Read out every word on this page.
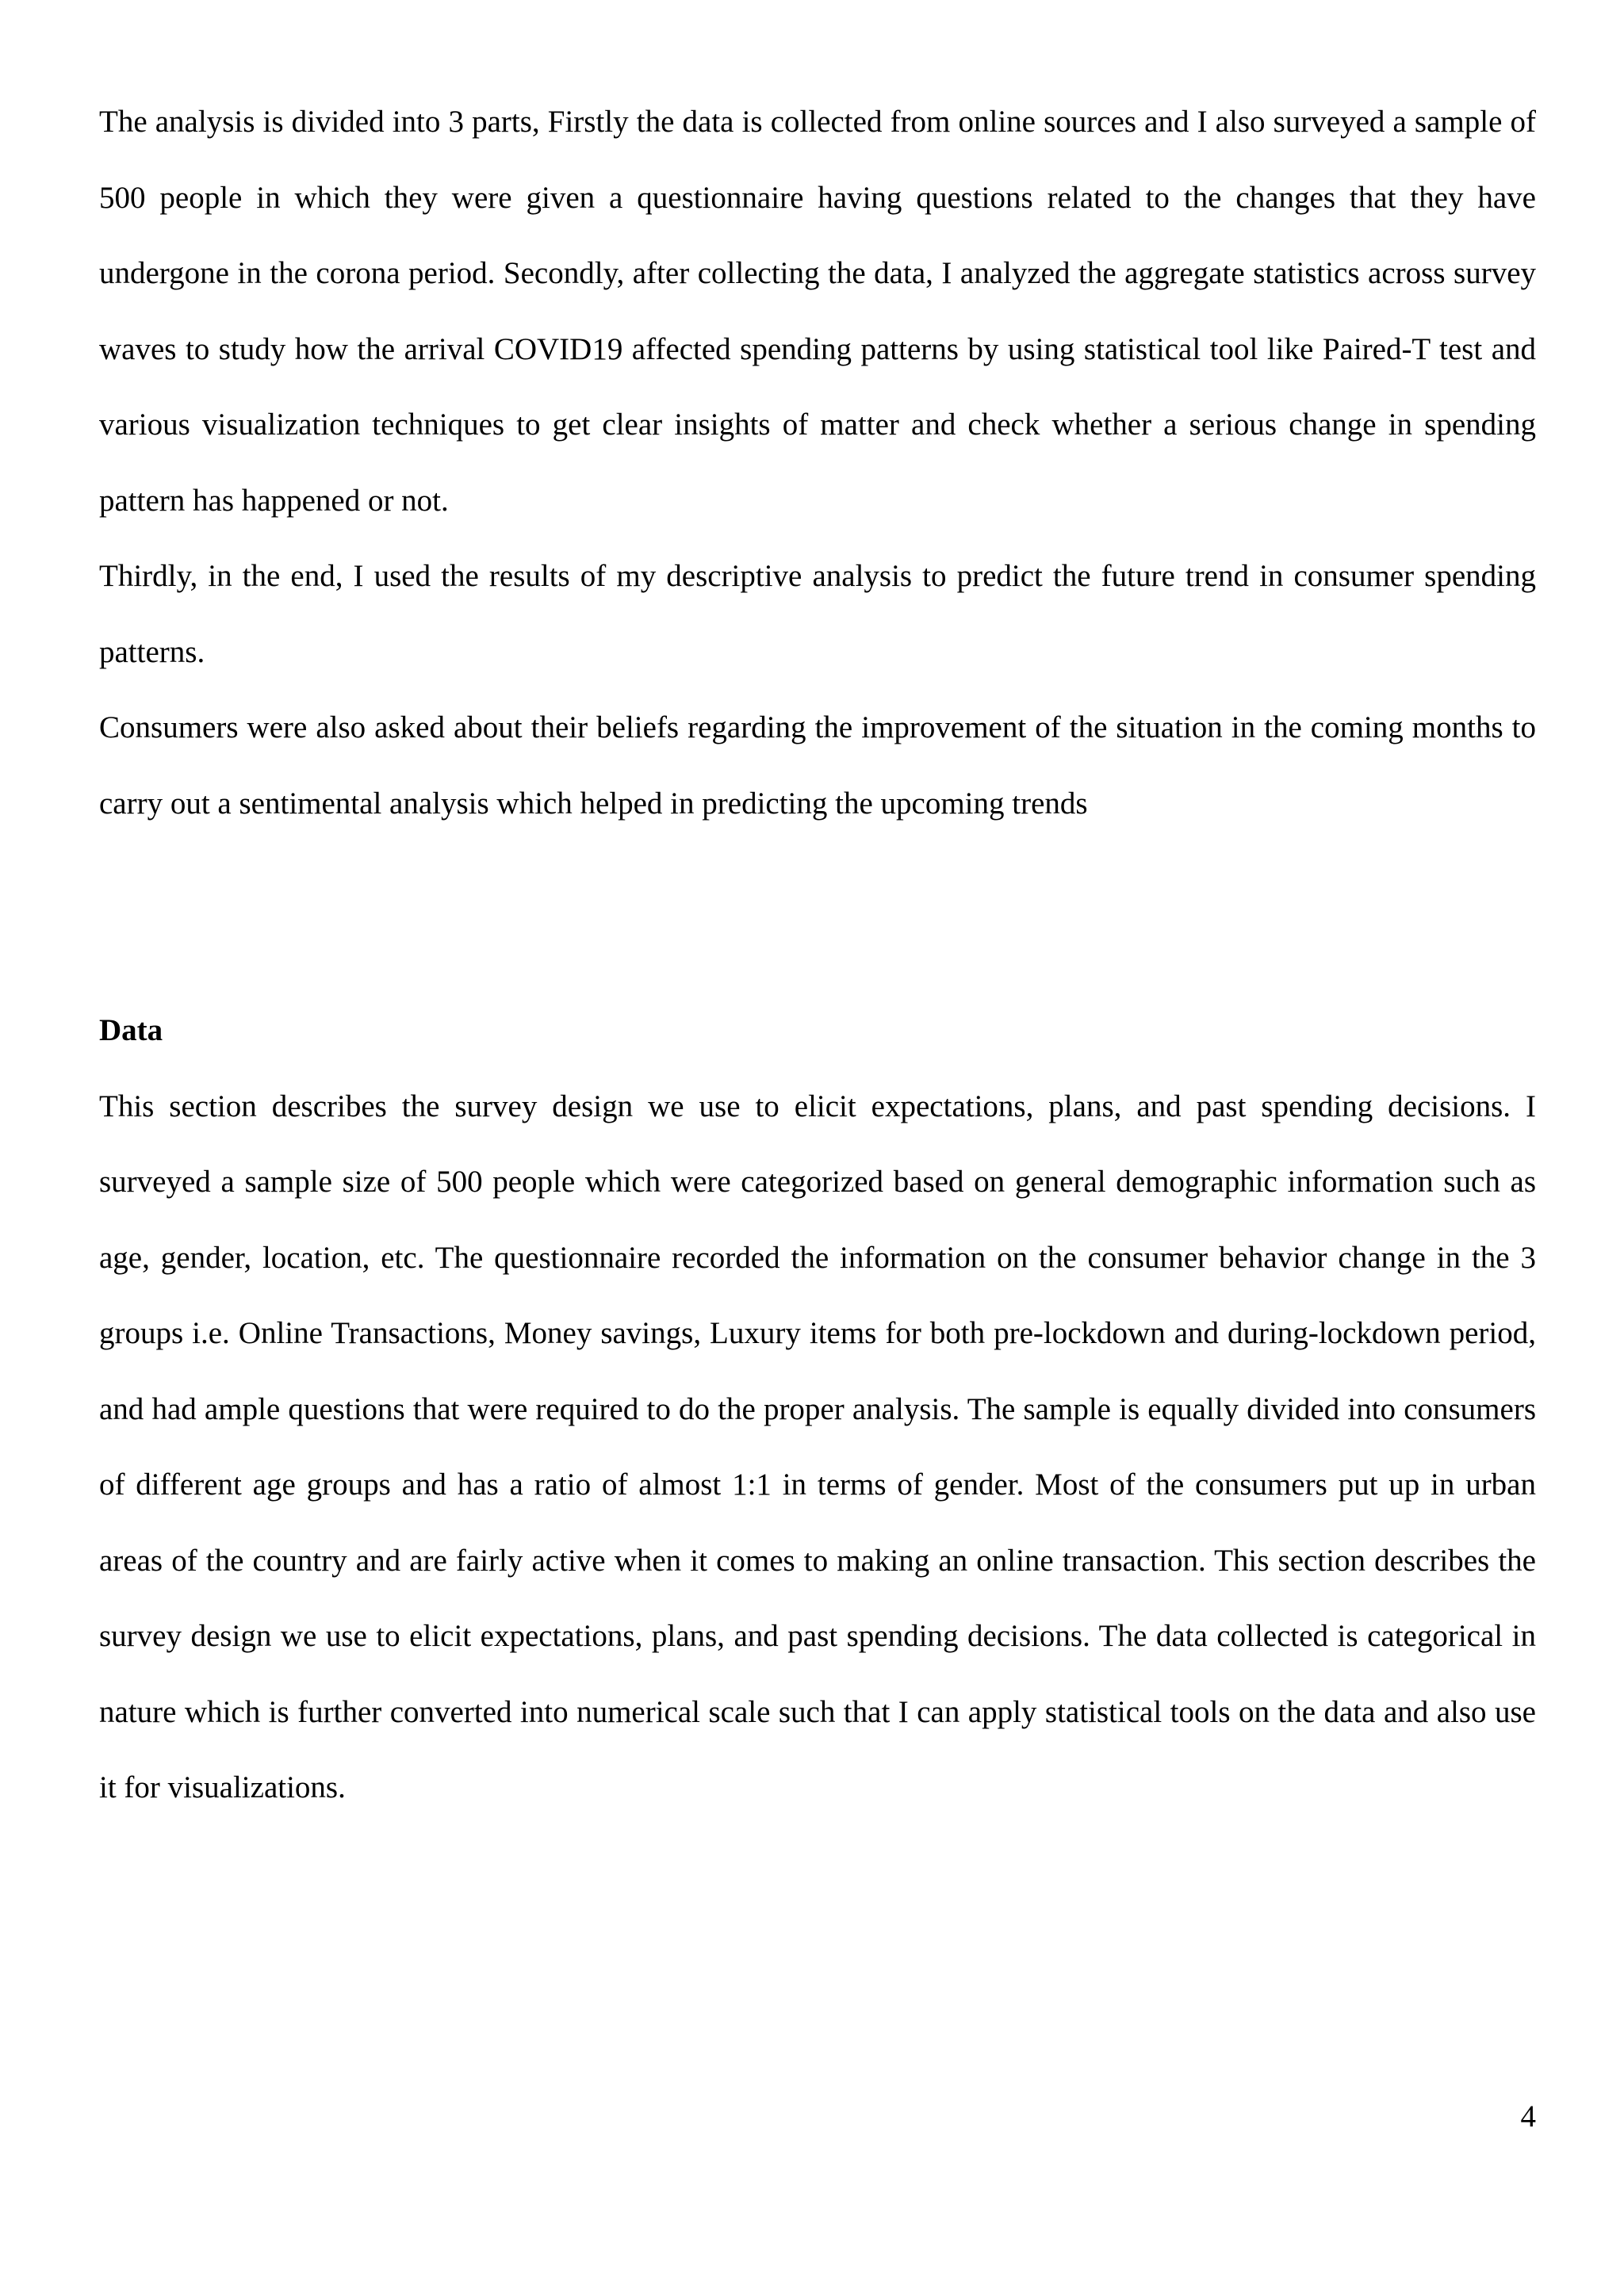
The analysis is divided into 3 parts, Firstly the data is collected from online sources and I also surveyed a sample of 500 people in which they were given a questionnaire having questions related to the changes that they have undergone in the corona period. Secondly, after collecting the data, I analyzed the aggregate statistics across survey waves to study how the arrival COVID19 affected spending patterns by using statistical tool like Paired-T test and various visualization techniques to get clear insights of matter and check whether a serious change in spending pattern has happened or not.

Thirdly, in the end, I used the results of my descriptive analysis to predict the future trend in consumer spending patterns.

Consumers were also asked about their beliefs regarding the improvement of the situation in the coming months to carry out a sentimental analysis which helped in predicting the upcoming trends

Data

This section describes the survey design we use to elicit expectations, plans, and past spending decisions. I surveyed a sample size of 500 people which were categorized based on general demographic information such as age, gender, location, etc. The questionnaire recorded the information on the consumer behavior change in the 3 groups i.e. Online Transactions, Money savings, Luxury items for both pre-lockdown and during-lockdown period, and had ample questions that were required to do the proper analysis. The sample is equally divided into consumers of different age groups and has a ratio of almost 1:1 in terms of gender. Most of the consumers put up in urban areas of the country and are fairly active when it comes to making an online transaction. This section describes the survey design we use to elicit expectations, plans, and past spending decisions. The data collected is categorical in nature which is further converted into numerical scale such that I can apply statistical tools on the data and also use it for visualizations.

4
